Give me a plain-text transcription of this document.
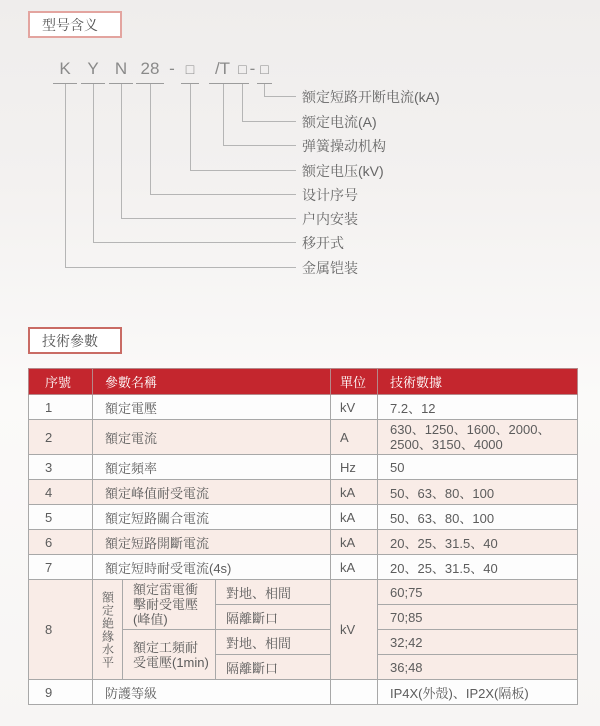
型号含义
K Y N 28 - □	/T □ - □
额定短路开断电流(kA)
额定电流(A)
弹簧操动机构
额定电压(kV)
设计序号
户内安装
移开式
金属铠装
技術參數
序號	參數名稱			單位	技術數據
1	額定電壓			kV	7.2、12
2	額定電流			A	630、1250、1600、2000、2500、3150、4000

3	額定頻率			Hz	50
4	額定峰值耐受電流			kA	50、63、80、100
5	額定短路關合電流			kA	50、63、80、100
6	額定短路開斷電流			kA	20、25、31.5、40
7	額定短時耐受電流(4s)			kA	20、25、31.5、40
8	額定絶緣水平	額定雷電衝擊耐受電壓(峰值)	對地、相間	kV	60;75
			隔離斷口		70;85

		額定工頻耐受電壓(1min)	對地、相間		32;42
			隔離斷口		36;48
9	防護等級				IP4X(外殻)、IP2X(隔板)
